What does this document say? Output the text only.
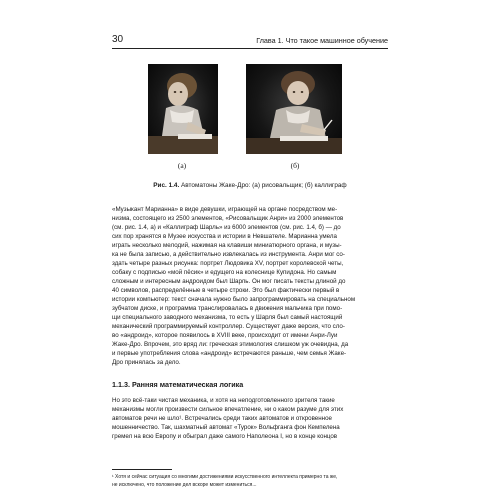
30	Глава 1. Что такое машинное обучение
(а)	(б)
Рис. 1.4. Автоматоны Жаке-Дро: (а) рисовальщик; (б) каллиграф
«Музыкант Марианна» в виде девушки, играющей на органе посредством ме-
низма, состоящего из 2500 элементов, «Рисовальщик Анри» из 2000 элементов
(см. рис. 1.4, а) и «Каллиграф Шарль» из 6000 элементов (см. рис. 1.4, б) — до
сих пор хранятся в Музее искусства и истории в Невшателе. Марианна умела
играть несколько мелодий, нажимая на клавиши миниатюрного органа, и музы-
ка не была записью, а действительно извлекалась из инструмента. Анри мог со-
здать четыре разных рисунка: портрет Людовика XV, портрет королевской четы,
собаку с подписью «мой пёсик» и едущего на колеснице Купидона. Но самым
сложным и интересным андроидом был Шарль. Он мог писать тексты длиной до
40 символов, распределённые в четыре строки. Это был фактически первый в
истории компьютер: текст сначала нужно было запрограммировать на специальном
зубчатом диске, и программа транслировалась в движения мальчика при помо-
щи специального заводного механизма, то есть у Шарля был самый настоящий
механический программируемый контроллер. Существует даже версия, что сло-
во «андроид», которое появилось в XVIII веке, происходит от имени Анри-Луи
Жаке-Дро. Впрочем, это вряд ли: греческая этимология слишком уж очевидна, да
и первые употребления слова «андроид» встречаются раньше, чем семья Жаке-
Дро принялась за дело.
1.1.3. Ранняя математическая логика
Но это всё-таки чистая механика, и хотя на неподготовленного зрителя такие
механизмы могли произвести сильное впечатление, ни о каком разуме для этих
автоматов речи не шло¹. Встречались среди таких автоматов и откровенное
мошенничество. Так, шахматный автомат «Турок» Вольфганга фон Кемпелена
гремел на всю Европу и обыграл даже самого Наполеона I, но в конце концов
¹ Хотя и сейчас ситуация со многими достижениями искусственного интеллекта примерно та же,
не исключено, что положение дел вскоре может измениться...
